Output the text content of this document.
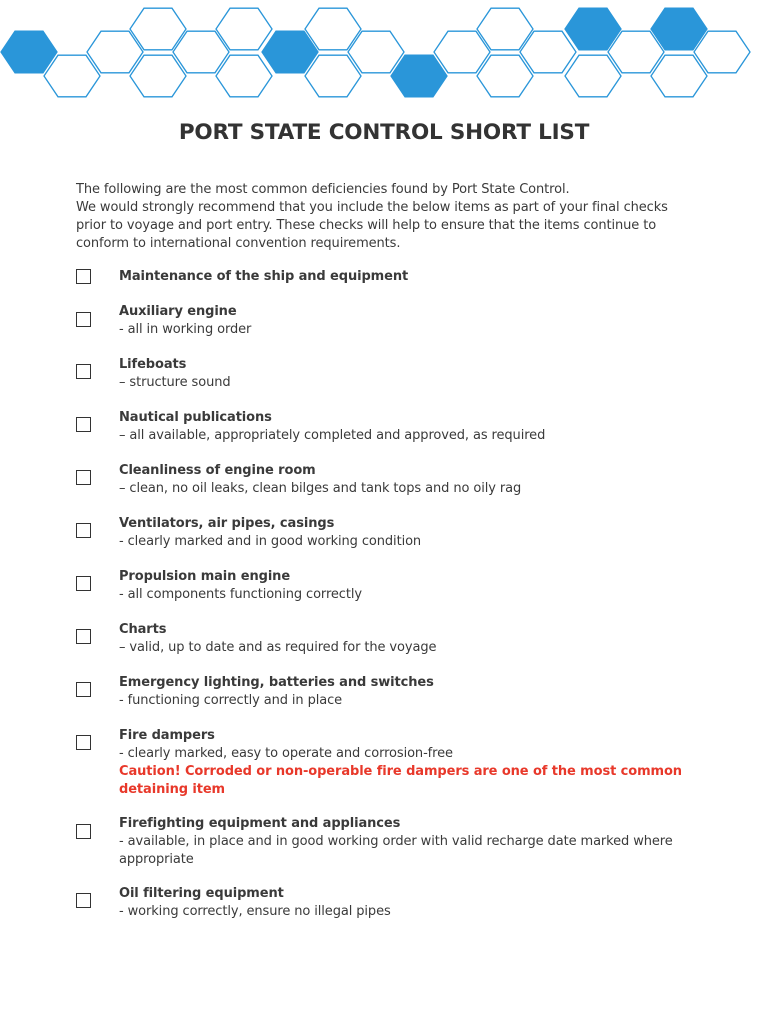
PORT STATE CONTROL SHORT LIST
The following are the most common deficiencies found by Port State Control.
We would strongly recommend that you include the below items as part of your final checks
prior to voyage and port entry. These checks will help to ensure that the items continue to
conform to international convention requirements.
Maintenance of the ship and equipment
Auxiliary engine
- all in working order
Lifeboats
– structure sound
Nautical publications
– all available, appropriately completed and approved, as required
Cleanliness of engine room
– clean, no oil leaks, clean bilges and tank tops and no oily rag
Ventilators, air pipes, casings
- clearly marked and in good working condition
Propulsion main engine
- all components functioning correctly
Charts
– valid, up to date and as required for the voyage
Emergency lighting, batteries and switches
- functioning correctly and in place
Fire dampers
- clearly marked, easy to operate and corrosion-free
Caution! Corroded or non-operable fire dampers are one of the most common
detaining item
Firefighting equipment and appliances
- available, in place and in good working order with valid recharge date marked where
appropriate
Oil filtering equipment
- working correctly, ensure no illegal pipes
